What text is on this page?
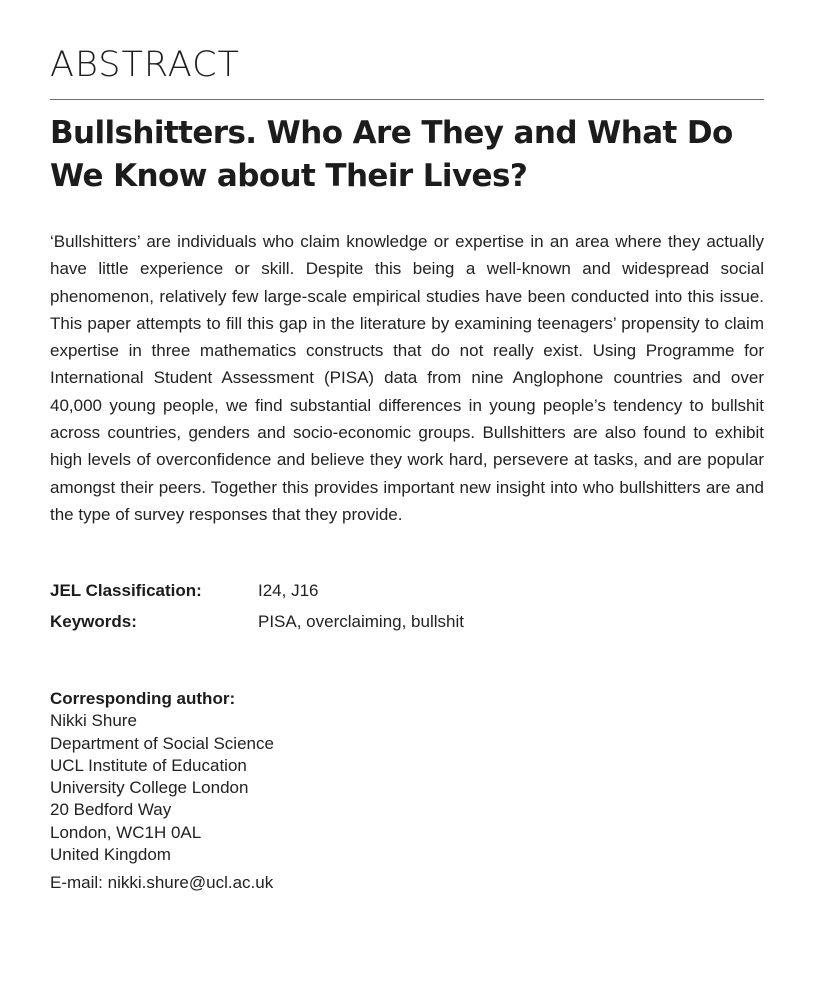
ABSTRACT
Bullshitters. Who Are They and What Do We Know about Their Lives?

‘Bullshitters’ are individuals who claim knowledge or expertise in an area where they actually have little experience or skill. Despite this being a well-known and widespread social phenomenon, relatively few large-scale empirical studies have been conducted into this issue. This paper attempts to fill this gap in the literature by examining teenagers’ propensity to claim expertise in three mathematics constructs that do not really exist. Using Programme for International Student Assessment (PISA) data from nine Anglophone countries and over 40,000 young people, we find substantial differences in young people’s tendency to bullshit across countries, genders and socio-economic groups. Bullshitters are also found to exhibit high levels of overconfidence and believe they work hard, persevere at tasks, and are popular amongst their peers. Together this provides important new insight into who bullshitters are and the type of survey responses that they provide.

JEL Classification:	I24, J16
Keywords:	PISA, overclaiming, bullshit
Corresponding author:
Nikki Shure
Department of Social Science
UCL Institute of Education
University College London
20 Bedford Way
London, WC1H 0AL
United Kingdom
E-mail: nikki.shure@ucl.ac.uk
